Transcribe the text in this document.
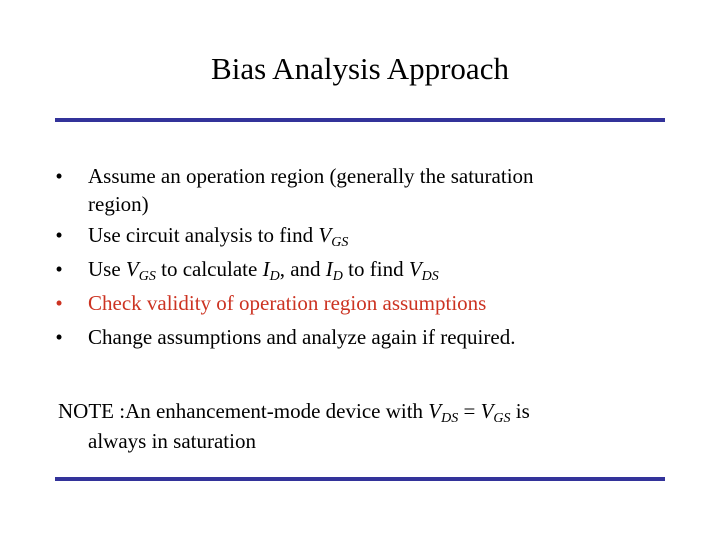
Bias Analysis Approach
•	Assume an operation region (generally the saturation
region)
•	Use circuit analysis to find $V_{GS}$
•	Use $V_{GS}$ to calculate $I_D$, and $I_D$ to find $V_{DS}$
•	Check validity of operation region assumptions
•	Change assumptions and analyze again if required.
NOTE :An enhancement-mode device with $V_{DS} = V_{GS}$ is
always in saturation
